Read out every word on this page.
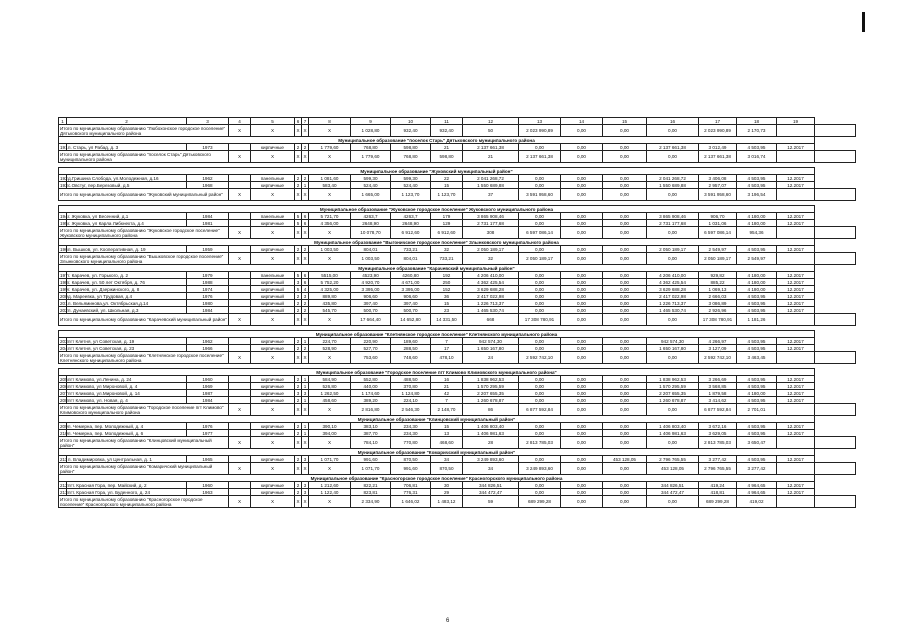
1	2	3	4	5	6	7	8	9	10	11	12	13	14	15	16	17	18	19	
Итого по муниципальному образованию "Любохонское городское поселение" Дятьковского муниципального района			X	X	X	X	X	1 028,80	932,40	932,40	50	2 023 990,89	0,00	0,00	0,00	2 023 990,89	2 170,73		
Муниципальное образование "поселок Старь" Дятьковского муниципального района																			
191	п. Старь, ул Рабад, д. 3	1973		кирпичные	2	2	1 779,60	768,80	598,80	21	2 137 661,38	0,00	0,00	0,00	2 137 661,38	3 012,49	4 503,95	12.2017	
Итого по муниципальному образованию "поселок Старь" Дятьковского муниципального района			X	X	X	X	X	1 779,60	768,80	598,80	21	2 137 661,38	0,00	0,00	0,00	2 137 661,38	3 016,74		

Муниципальное образование "Жуковский муниципальный район"																			
192	д.Гришина Слобода, ул.Молодежная, д.16	1962		панельные	2	2	1 081,60	599,30	599,30	22	2 041 268,72	0,00	0,00	0,00	2 041 268,72	3 406,08	4 503,95	12.2017	
193	с.Овстуг, пер.Березовый, д.5	1968		кирпичные	2	1	583,40	524,40	524,40	15	1 550 689,88	0,00	0,00	0,00	1 550 689,88	2 957,07	4 503,95	12.2017	
Итого по муниципальному образованию "Жуковский муниципальный район"			X	X	X	X	X	1 665,00	1 123,70	1 123,70	37	3 591 958,60	0,00	0,00	0,00	3 591 958,60	3 196,54		

Муниципальное образование "Жуковское городское поселение" Жуковского муниципального района																			
194	г. Жуковка, ул Весенний, д.1	1984		панельные	5	6	5 721,70	4263,7	4263,7	179	3 865 908,46	0,00	0,00	0,00	3 865 908,46	906,70	4 180,00	12.2017	
195	г. Жуковка, ул Карла Либкнехта, д.4	1981		кирпичные	5	6	4 356,00	2648,90	2648,90	129	2 731 177,68	0,00	0,00	0,00	2 731 177,68	1 031,06	4 180,00	12.2017	
Итого по муниципальному образованию "Жуковское городское поселение" Жуковского муниципального района			X	X	X	X	X	10 078,70	6 912,60	6 912,60	308	6 597 086,14	0,00	0,00	0,00	6 597 086,14	954,36		
Муниципальное образование "Выгоничское городское поселение" Злынковского муниципального района																			
196	п. Вышков, ул. Кооперативная, д. 19	1959		кирпичные	2	2	1 003,50	804,01	733,21	32	2 050 189,17	0,00	0,00	0,00	2 050 189,17	2 549,97	4 503,95	12.2017	
Итого по муниципальному образованию "Вышковское городское поселение" Злынковского муниципального района			X	X	X	X	X	1 003,50	804,01	733,21	32	2 050 189,17	0,00	0,00	0,00	2 050 189,17	2 549,97		
Муниципальное образование "Карачевский муниципальный район"																			
197	г. Карачев, ул. Горького, д. 2	1979		панельные	5	6	5515,00	4523,90	4260,80	192	4 206 410,00	0,00	0,00	0,00	4 206 410,00	929,82	4 180,00	12.2017	
198	г. Карачев, ул. 50 лет Октября, д. 76	1988		кирпичный	3	6	5 752,20	4 920,70	4 671,00	250	4 362 425,54	0,00	0,00	0,00	4 362 425,54	885,22	4 180,00	12.2017	
199	г. Карачев, ул. Дзержинского, д. 8	1974		кирпичный	5	4	4 325,00	3 395,00	3 395,00	152	3 629 688,28	0,00	0,00	0,00	3 629 688,28	1 069,13	4 180,00	12.2017	
200	д. Мареевка, ул Трудовая, д.4	1976		кирпичный	2	3	889,80	906,60	906,60	36	2 417 022,98	0,00	0,00	0,00	2 417 022,98	2 666,03	4 503,95	12.2017	
201	п. Вельяминова,ул. Октябрьская,д.14	1980		кирпичный	2	2	435,80	397,40	397,40	15	1 226 713,37	0,00	0,00	0,00	1 226 713,37	3 086,89	4 503,95	12.2017	
202	п. Дунаевский, ул. Школьная, д.3	1984		кирпичный	2	2	545,70	500,70	500,70	23	1 465 530,74	0,00	0,00	0,00	1 465 530,74	2 926,96	4 503,95	12.2017	
Итого по муниципальному образованию "Карачевский муниципальный район"			X	X	X	X	X	17 664,40	14 652,80	14 331,50	668	17 308 780,91	0,00	0,00	0,00	17 308 780,91	1 181,26		

Муниципальное образование "Клетнянское городское поселение" Клетнянского муниципального района																			
203	пгт Клетня, ул Советская, д. 19	1962		кирпичные	2	1	224,70	220,90	189,60	7	942 574,30	0,00	0,00	0,00	942 574,30	4 266,97	4 503,95	12.2017	
204	пгт Клетня, ул Советская, д. 23	1966		кирпичные	2	2	528,90	527,70	288,50	17	1 650 167,80	0,00	0,00	0,00	1 650 167,80	3 127,09	4 503,95	12.2017	
Итого по муниципальному образованию "Клетнянское городское поселение" Клетнянского муниципального района			X	X	X	X	X	753,60	748,60	478,10	24	2 592 742,10	0,00	0,00	0,00	2 592 742,10	3 463,45		

Муниципальное образование "Городское поселение пгт Климово Климовского муниципального района"																			
205	пгт Климово, ул.Ленина, д. 24	1960		кирпичные	2	1	584,90	552,80	488,50	16	1 838 962,53	0,00	0,00	0,00	1 838 962,53	3 266,69	4 503,95	12.2017	
206	пгт Климово, ул Мироновой, д. 4	1969		кирпичные	2	1	526,80	440,00	370,80	21	1 570 295,59	0,00	0,00	0,00	1 570 295,59	3 568,85	4 503,95	12.2017	
207	пгт Климово, ул.Мироновой, д. 14	1987		кирпичные	3	3	1 262,50	1 174,60	1 124,80	42	2 207 655,35	0,00	0,00	0,00	2 207 655,35	1 879,58	4 180,00	12.2017	
208	пгт Климово, ул. Новая, д. 4	1984		кирпичные	2	1	458,60	389,20	224,10	7	1 260 678,87	0,00	0,00	0,00	1 260 678,87	3 414,62	4 503,95	12.2017	
Итого по муниципальному образованию "Городское поселение пгт Климово" Климовского муниципального района			X	X	X	X	X	2 816,80	2 546,30	2 148,70	86	6 877 592,84	0,00	0,00	0,00	6 877 592,84	2 701,01		
Муниципальное образование "Клинцовский муниципальный район"																			
209	п. Чемерна, пер. Молодежный, д. 4	1976		кирпичные	2	1	390,10	383,10	234,30	15	1 406 803,40	0,00	0,00	0,00	1 406 803,40	3 672,16	4 503,95	12.2017	
210	п. Чемерна, пер. Молодежный, д. 6	1977		кирпичные	2	1	394,00	387,70	234,30	13	1 406 981,63	0,00	0,00	0,00	1 406 981,63	3 629,05	4 503,95	12.2017	
Итого по муниципальному образованию "Клинцовский муниципальный район"			X	X	X	X	X	784,10	770,80	468,60	28	2 813 785,03	0,00	0,00	0,00	2 813 785,03	3 650,47		
Муниципальное образование "Комаричский муниципальный район"																			
211	п. Владимировка, ул Центральная, д. 1	1965		кирпичные	2	3	1 071,70	991,60	870,50	34	3 249 893,60	0,00	0,00	453 128,05	2 796 765,55	3 277,42	4 503,95	12.2017	
Итого по муниципальному образованию "Комаричский муниципальный район"			X	X	X	X	X	1 071,70	991,60	870,50	34	3 249 893,60	0,00	0,00	453 128,05	2 796 765,55	3 277,42		
Муниципальное образование "Красногорское городское поселение" Красногорского муниципального района																			
212	пгт. Красная Гора, пер. Майский, д. 2	1960		кирпичные	2	3	1 212,60	822,21	706,81	30	344 826,51	0,00	0,00	0,00	344 826,51	419,24	4 964,65	12.2017	
213	пгт. Красная Гора, ул. Буденного, д. 24	1963		кирпичные	2	3	1 122,40	823,81	776,31	29	344 472,47	0,00	0,00	0,00	344 472,47	418,81	4 964,65	12.2017	
Итого по муниципальному образованию "Красногорское городское поселение" Красногорского муниципального района			X	X	X	X	X	2 334,90	1 646,02	1 483,12	59	689 299,28	0,00	0,00	0,00	689 299,28	419,02		
6
